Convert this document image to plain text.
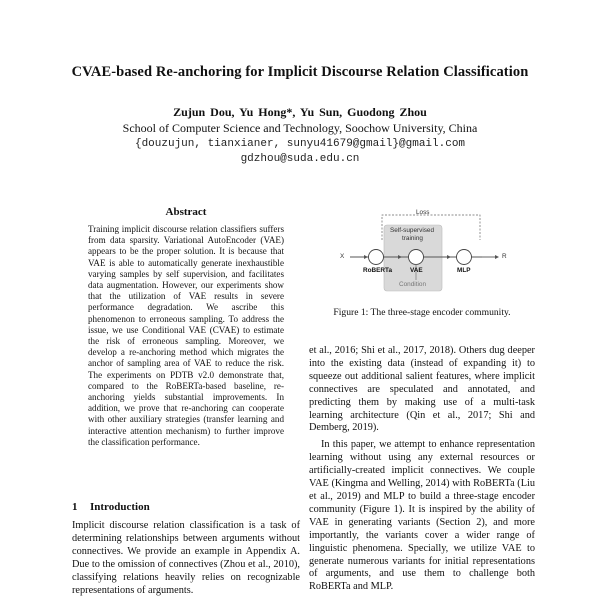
CVAE-based Re-anchoring for Implicit Discourse Relation Classification
Zujun Dou, Yu Hong*, Yu Sun, Guodong Zhou
School of Computer Science and Technology, Soochow University, China
{douzujun, tianxianer, sunyu41679@gmail}@gmail.com
gdzhou@suda.edu.cn
Abstract

Training implicit discourse relation classifiers suffers from data sparsity. Variational AutoEncoder (VAE) appears to be the proper solution. It is because that VAE is able to automatically generate inexhaustible varying samples by self supervision, and facilitates data augmentation. However, our experiments show that the utilization of VAE results in severe performance degradation. We ascribe this phenomenon to erroneous sampling. To address the issue, we use Conditional VAE (CVAE) to estimate the risk of erroneous sampling. Moreover, we develop a re-anchoring method which migrates the anchor of sampling area of VAE to reduce the risk. The experiments on PDTB v2.0 demonstrate that, compared to the RoBERTa-based baseline, re-anchoring yields substantial improvements. In addition, we prove that re-anchoring can cooperate with other auxiliary strategies (transfer learning and interactive attention mechanism) to further improve the classification performance.

1 Introduction

Implicit discourse relation classification is a task of determining relationships between arguments without connectives. We provide an example in Appendix A. Due to the omission of connectives (Zhou et al., 2010), classifying relations heavily relies on recognizable representations of arguments.

Loss
Self-supervised
training
X	R
RoBERTa	VAE	MLP
Condition
Figure 1: The three-stage encoder community.

et al., 2016; Shi et al., 2017, 2018). Others dug deeper into the existing data (instead of expanding it) to squeeze out additional salient features, where implicit connectives are speculated and annotated, and predicting them by making use of a multi-task learning architecture (Qin et al., 2017; Shi and Demberg, 2019).

In this paper, we attempt to enhance representation learning without using any external resources or artificially-created implicit connectives. We couple VAE (Kingma and Welling, 2014) with RoBERTa (Liu et al., 2019) and MLP to build a three-stage encoder community (Figure 1). It is inspired by the ability of VAE in generating variants (Section 2), and more importantly, the variants cover a wider range of linguistic phenomena. Specially, we utilize VAE to generate numerous variants for initial representations of arguments, and use them to challenge both RoBERTa and MLP.
